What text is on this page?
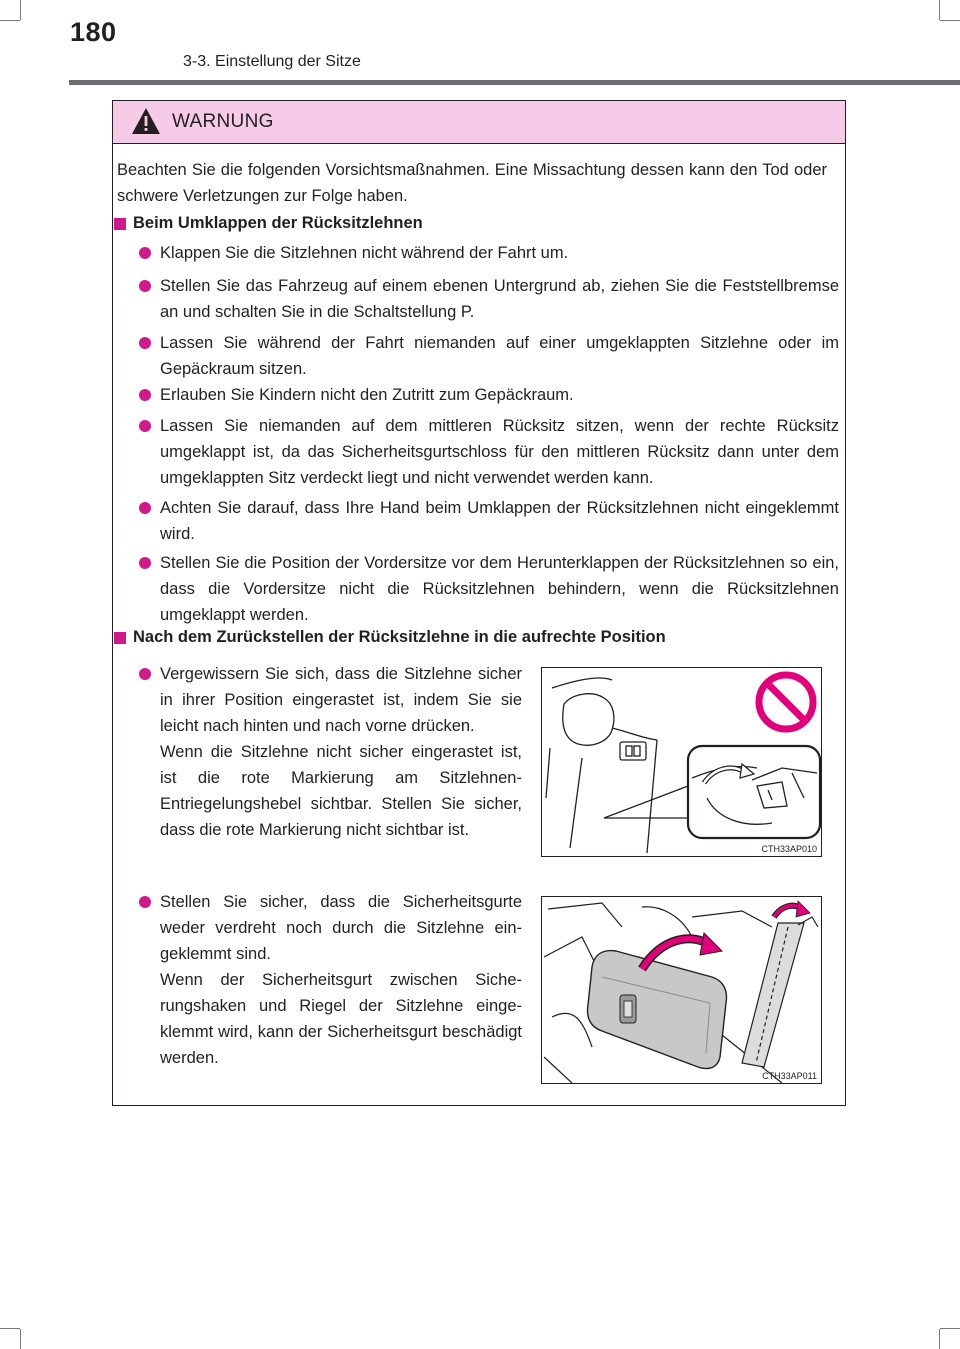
180
3-3. Einstellung der Sitze
WARNUNG
Beachten Sie die folgenden Vorsichtsmaßnahmen. Eine Missachtung dessen kann den Tod oder schwere Verletzungen zur Folge haben.
Beim Umklappen der Rücksitzlehnen
Klappen Sie die Sitzlehnen nicht während der Fahrt um.
Stellen Sie das Fahrzeug auf einem ebenen Untergrund ab, ziehen Sie die Feststellbremse an und schalten Sie in die Schaltstellung P.
Lassen Sie während der Fahrt niemanden auf einer umgeklappten Sitzlehne oder im Gepäckraum sitzen.
Erlauben Sie Kindern nicht den Zutritt zum Gepäckraum.
Lassen Sie niemanden auf dem mittleren Rücksitz sitzen, wenn der rechte Rücksitz umgeklappt ist, da das Sicherheitsgurtschloss für den mittleren Rücksitz dann unter dem umgeklappten Sitz verdeckt liegt und nicht verwendet werden kann.
Achten Sie darauf, dass Ihre Hand beim Umklappen der Rücksitzlehnen nicht eingeklemmt wird.
Stellen Sie die Position der Vordersitze vor dem Herunterklappen der Rücksitzlehnen so ein, dass die Vordersitze nicht die Rücksitzlehnen behindern, wenn die Rücksitzlehnen umgeklappt werden.
Nach dem Zurückstellen der Rücksitzlehne in die aufrechte Position
Vergewissern Sie sich, dass die Sitzlehne sicher in ihrer Position eingerastet ist, indem Sie sie leicht nach hinten und nach vorne drücken.
Wenn die Sitzlehne nicht sicher eingerastet ist, ist die rote Markierung am SitzlehnenEntriegelungshebel sichtbar. Stellen Sie sicher, dass die rote Markierung nicht sichtbar ist.
CTH33AP010
Stellen Sie sicher, dass die Sicherheitsgurte weder verdreht noch durch die Sitzlehne eingeklemmt sind.
Wenn der Sicherheitsgurt zwischen Sicherungshaken und Riegel der Sitzlehne eingeklemmt wird, kann der Sicherheitsgurt beschädigt werden.
CTH33AP011
